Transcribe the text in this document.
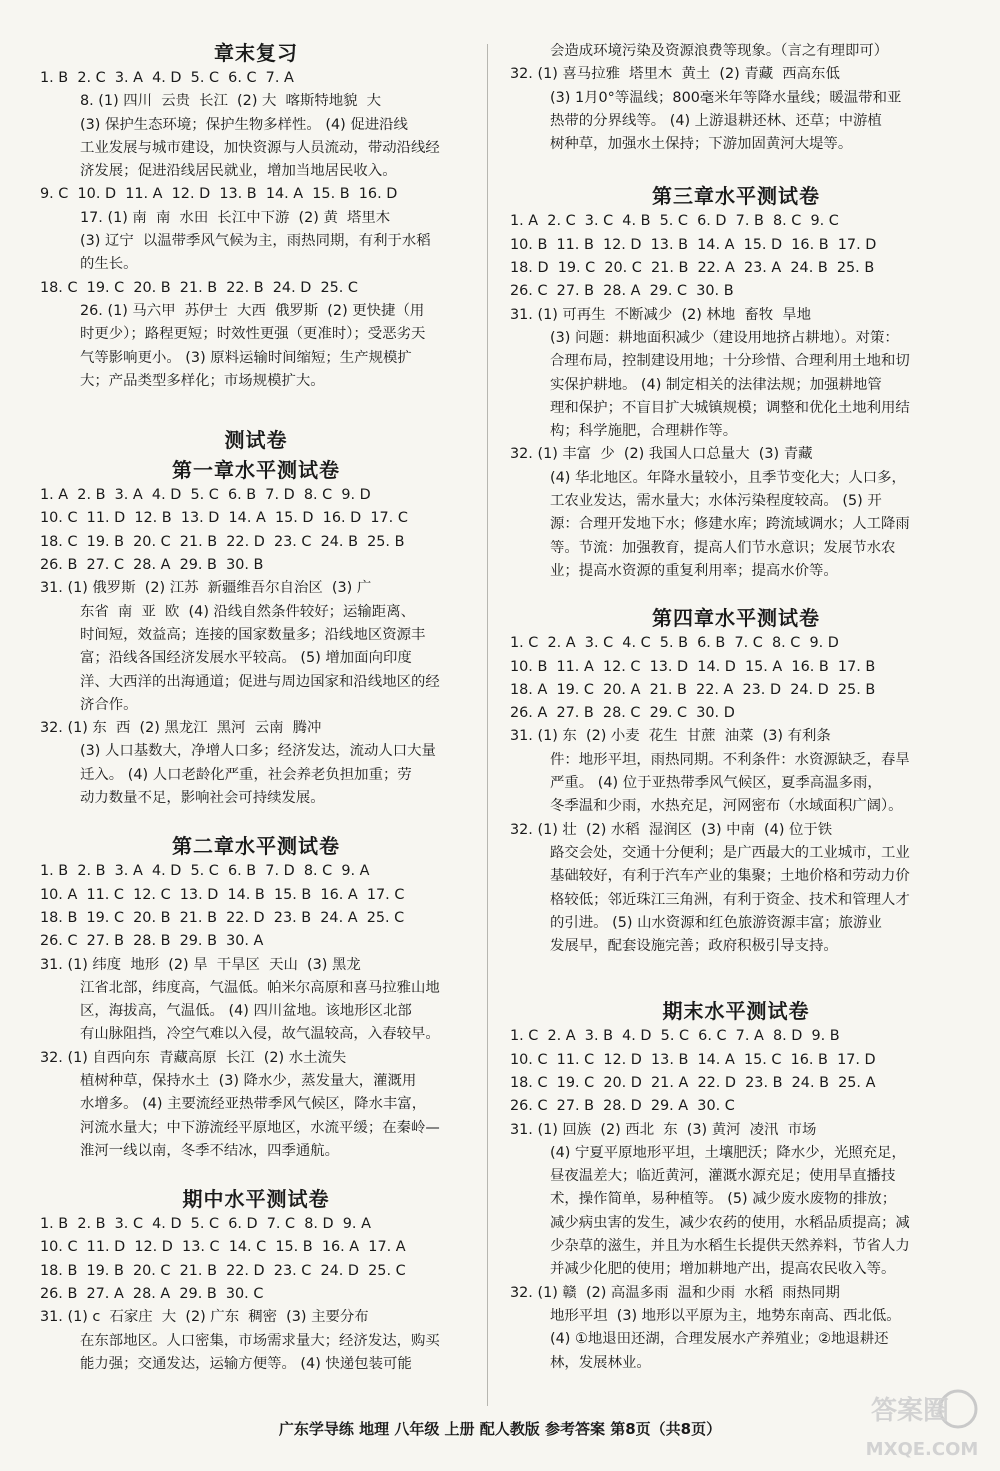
章末复习
1. B  2. C  3. A  4. D  5. C  6. C  7. A
8. (1) 四川  云贵  长江  (2) 大  喀斯特地貌  大
(3) 保护生态环境；保护生物多样性。 (4) 促进沿线
工业发展与城市建设，加快资源与人员流动，带动沿线经
济发展；促进沿线居民就业，增加当地居民收入。
9. C  10. D  11. A  12. D  13. B  14. A  15. B  16. D
17. (1) 南  南  水田  长江中下游  (2) 黄  塔里木
(3) 辽宁  以温带季风气候为主，雨热同期，有利于水稻
的生长。
18. C  19. C  20. B  21. B  22. B  24. D  25. C
26. (1) 马六甲  苏伊士  大西  俄罗斯  (2) 更快捷（用
时更少）；路程更短；时效性更强（更准时）；受恶劣天
气等影响更小。 (3) 原料运输时间缩短；生产规模扩
大；产品类型多样化；市场规模扩大。
测试卷
第一章水平测试卷
1. A  2. B  3. A  4. D  5. C  6. B  7. D  8. C  9. D
10. C  11. D  12. B  13. D  14. A  15. D  16. D  17. C
18. C  19. B  20. C  21. B  22. D  23. C  24. B  25. B
26. B  27. C  28. A  29. B  30. B
31. (1) 俄罗斯  (2) 江苏  新疆维吾尔自治区  (3) 广
东省  南  亚  欧  (4) 沿线自然条件较好；运输距离、
时间短，效益高；连接的国家数量多；沿线地区资源丰
富；沿线各国经济发展水平较高。 (5) 增加面向印度
洋、大西洋的出海通道；促进与周边国家和沿线地区的经
济合作。
32. (1) 东  西  (2) 黑龙江  黑河  云南  腾冲
(3) 人口基数大，净增人口多；经济发达，流动人口大量
迁入。 (4) 人口老龄化严重，社会养老负担加重；劳
动力数量不足，影响社会可持续发展。
第二章水平测试卷
1. B  2. B  3. A  4. D  5. C  6. B  7. D  8. C  9. A
10. A  11. C  12. C  13. D  14. B  15. B  16. A  17. C
18. B  19. C  20. B  21. B  22. D  23. B  24. A  25. C
26. C  27. B  28. B  29. B  30. A
31. (1) 纬度  地形  (2) 旱  干旱区  天山  (3) 黑龙
江省北部，纬度高，气温低。帕米尔高原和喜马拉雅山地
区，海拔高，气温低。 (4) 四川盆地。该地形区北部
有山脉阻挡，冷空气难以入侵，故气温较高，入春较早。
32. (1) 自西向东  青藏高原  长江  (2) 水土流失
植树种草，保持水土  (3) 降水少，蒸发量大，灌溉用
水增多。 (4) 主要流经亚热带季风气候区，降水丰富，
河流水量大；中下游流经平原地区，水流平缓；在秦岭—
淮河一线以南，冬季不结冰，四季通航。
期中水平测试卷
1. B  2. B  3. C  4. D  5. C  6. D  7. C  8. D  9. A
10. C  11. D  12. D  13. C  14. C  15. B  16. A  17. A
18. B  19. B  20. C  21. B  22. D  23. C  24. D  25. C
26. B  27. A  28. A  29. B  30. C
31. (1) c  石家庄  大  (2) 广东  稠密  (3) 主要分布
在东部地区。人口密集，市场需求量大；经济发达，购买
能力强；交通发达，运输方便等。 (4) 快递包装可能
会造成环境污染及资源浪费等现象。（言之有理即可）
32. (1) 喜马拉雅  塔里木  黄土  (2) 青藏  西高东低
(3) 1月0°等温线；800毫米年等降水量线；暖温带和亚
热带的分界线等。 (4) 上游退耕还林、还草；中游植
树种草，加强水土保持；下游加固黄河大堤等。
第三章水平测试卷
1. A  2. C  3. C  4. B  5. C  6. D  7. B  8. C  9. C
10. B  11. B  12. D  13. B  14. A  15. D  16. B  17. D
18. D  19. C  20. C  21. B  22. A  23. A  24. B  25. B
26. C  27. B  28. A  29. C  30. B
31. (1) 可再生  不断减少  (2) 林地  畜牧  旱地
(3) 问题：耕地面积减少（建设用地挤占耕地）。对策：
合理布局，控制建设用地；十分珍惜、合理利用土地和切
实保护耕地。 (4) 制定相关的法律法规；加强耕地管
理和保护；不盲目扩大城镇规模；调整和优化土地利用结
构；科学施肥，合理耕作等。
32. (1) 丰富  少  (2) 我国人口总量大  (3) 青藏
(4) 华北地区。年降水量较小，且季节变化大；人口多，
工农业发达，需水量大；水体污染程度较高。 (5) 开
源：合理开发地下水；修建水库；跨流域调水；人工降雨
等。节流：加强教育，提高人们节水意识；发展节水农
业；提高水资源的重复利用率；提高水价等。
第四章水平测试卷
1. C  2. A  3. C  4. C  5. B  6. B  7. C  8. C  9. D
10. B  11. A  12. C  13. D  14. D  15. A  16. B  17. B
18. A  19. C  20. A  21. B  22. A  23. D  24. D  25. B
26. A  27. B  28. C  29. C  30. D
31. (1) 东  (2) 小麦  花生  甘蔗  油菜  (3) 有利条
件：地形平坦，雨热同期。不利条件：水资源缺乏，春旱
严重。 (4) 位于亚热带季风气候区，夏季高温多雨，
冬季温和少雨，水热充足，河网密布（水域面积广阔）。
32. (1) 壮  (2) 水稻  湿润区  (3) 中南  (4) 位于铁
路交会处，交通十分便利；是广西最大的工业城市，工业
基础较好，有利于汽车产业的集聚；土地价格和劳动力价
格较低；邻近珠江三角洲，有利于资金、技术和管理人才
的引进。 (5) 山水资源和红色旅游资源丰富；旅游业
发展早，配套设施完善；政府积极引导支持。
期末水平测试卷
1. C  2. A  3. B  4. D  5. C  6. C  7. A  8. D  9. B
10. C  11. C  12. D  13. B  14. A  15. C  16. B  17. D
18. C  19. C  20. D  21. A  22. D  23. B  24. B  25. A
26. C  27. B  28. D  29. A  30. C
31. (1) 回族  (2) 西北  东  (3) 黄河  凌汛  市场
(4) 宁夏平原地形平坦，土壤肥沃；降水少，光照充足，
昼夜温差大；临近黄河，灌溉水源充足；使用旱直播技
术，操作简单，易种植等。 (5) 减少废水废物的排放；
减少病虫害的发生，减少农药的使用，水稻品质提高；减
少杂草的滋生，并且为水稻生长提供天然养料，节省人力
并减少化肥的使用；增加耕地产出，提高农民收入等。
32. (1) 赣  (2) 高温多雨  温和少雨  水稻  雨热同期
地形平坦  (3) 地形以平原为主，地势东南高、西北低。
(4) ①地退田还湖，合理发展水产养殖业；②地退耕还
林，发展林业。
广东学导练 地理 八年级 上册 配人教版 参考答案 第8页（共8页）
答案圈
MXQE.COM
